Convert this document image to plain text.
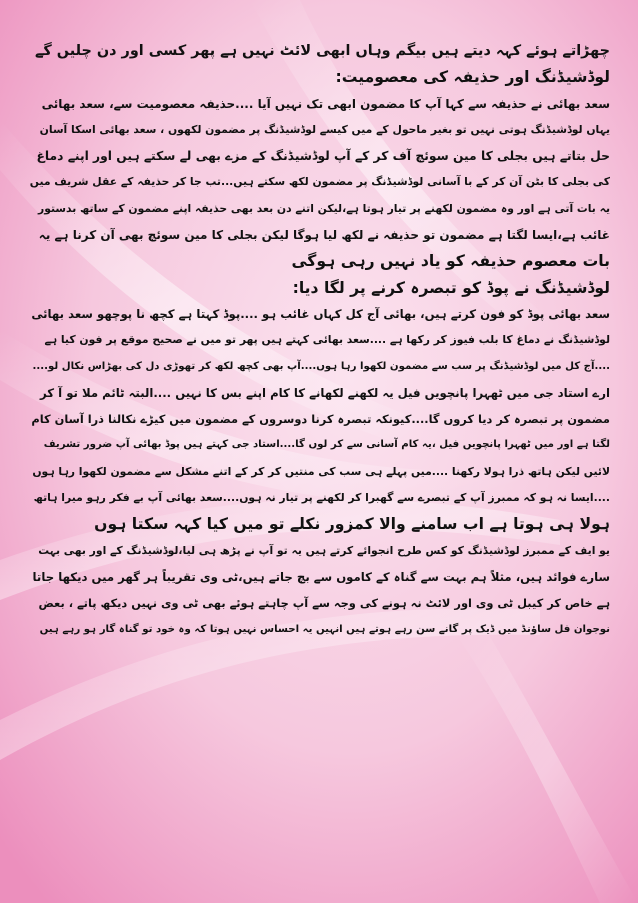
چھڑاتے ہوئے کہہ دیتے ہیں بیگم وہاں ابھی لائٹ نہیں ہے پھر کسی اور دن چلیں گے
لوڈشیڈنگ اور حذیفہ کی معصومیت:
سعد بھائی نے حذیفہ سے کہا آپ کا مضمون ابھی تک نہیں آیا ....حذیفہ معصومیت سے، سعد بھائی
یہاں لوڈشیڈنگ ہوتی نہیں تو بغیر ماحول کے میں کیسے لوڈشیڈنگ پر مضمون لکھوں ، سعد بھائی اسکا آسان
حل بتاتے ہیں بجلی کا مین سوئچ آف کر کے آپ لوڈشیڈنگ کے مزے بھی لے سکتے ہیں اور اپنے دماغ
کی بجلی کا بٹن آن کر کے با آسانی لوڈشیڈنگ پر مضمون لکھ سکتے ہیں...تب جا کر حذیفہ کے عقل شریف میں
یہ بات آتی ہے اور وہ مضمون لکھنے پر تیار ہوتا ہے،لیکن اتنے دن بعد بھی حذیفہ اپنے مضمون کے ساتھ بدستور
غائب ہے،ایسا لگتا ہے مضمون تو حذیفہ نے لکھ لیا ہوگا لیکن بجلی کا مین سوئچ بھی آن کرنا ہے یہ
بات معصوم حذیفہ کو یاد نہیں رہی ہوگی
لوڈشیڈنگ نے پوڈ کو تبصرہ کرنے پر لگا دیا:
سعد بھائی پوڈ کو فون کرتے ہیں، بھائی آج کل کہاں غائب ہو ....پوڈ کہتا ہے کچھ نا پوچھو سعد بھائی
لوڈشیڈنگ نے دماغ کا بلب فیوز کر رکھا ہے ....سعد بھائی کہتے ہیں پھر تو میں نے صحیح موقع پر فون کیا ہے
....آج کل میں لوڈشیڈنگ پر سب سے مضمون لکھوا رہا ہوں....آپ بھی کچھ لکھ کر تھوڑی دل کی بھڑاس نکال لو....
ارے استاد جی میں ٹھہرا پانچویں فیل یہ لکھنے لکھانے کا کام اپنے بس کا نہیں ....البتہ ٹائم ملا تو آ کر
مضمون پر تبصرہ کر دیا کروں گا....کیونکہ تبصرہ کرنا دوسروں کے مضمون میں کیڑے نکالنا ذرا آسان کام
لگتا ہے اور میں ٹھہرا پانچویں فیل ،یہ کام آسانی سے کر لوں گا....استاد جی کہتے ہیں پوڈ بھائی آپ ضرور تشریف
لائیں لیکن ہاتھ ذرا ہولا رکھنا ....میں پہلے ہی سب کی منتیں کر کر کے اتنے مشکل سے مضمون لکھوا رہا ہوں
....ایسا نہ ہو کہ ممبرز آپ کے تبصرے سے گھبرا کر لکھنے پر تیار نہ ہوں....سعد بھائی آپ بے فکر رہو میرا ہاتھ
ہولا ہی ہوتا ہے اب سامنے والا کمزور نکلے تو میں کیا کہہ سکتا ہوں
یو ایف کے ممبرز لوڈشیڈنگ کو کس طرح انجوائے کرتے ہیں یہ تو آپ نے پڑھ ہی لیا،لوڈشیڈنگ کے اور بھی بہت
سارے فوائد ہیں، مثلاً ہم بہت سے گناہ کے کاموں سے بچ جاتے ہیں،ٹی وی تقریباً ہر گھر میں دیکھا جاتا
ہے خاص کر کیبل ٹی وی اور لائٹ نہ ہونے کی وجہ سے آپ چاہتے ہوئے بھی ٹی وی نہیں دیکھ پاتے ، بعض
نوجوان فل ساؤنڈ میں ڈیک پر گانے سن رہے ہوتے ہیں انہیں یہ احساس نہیں ہوتا کہ وہ خود تو گناہ گار ہو رہے ہیں
